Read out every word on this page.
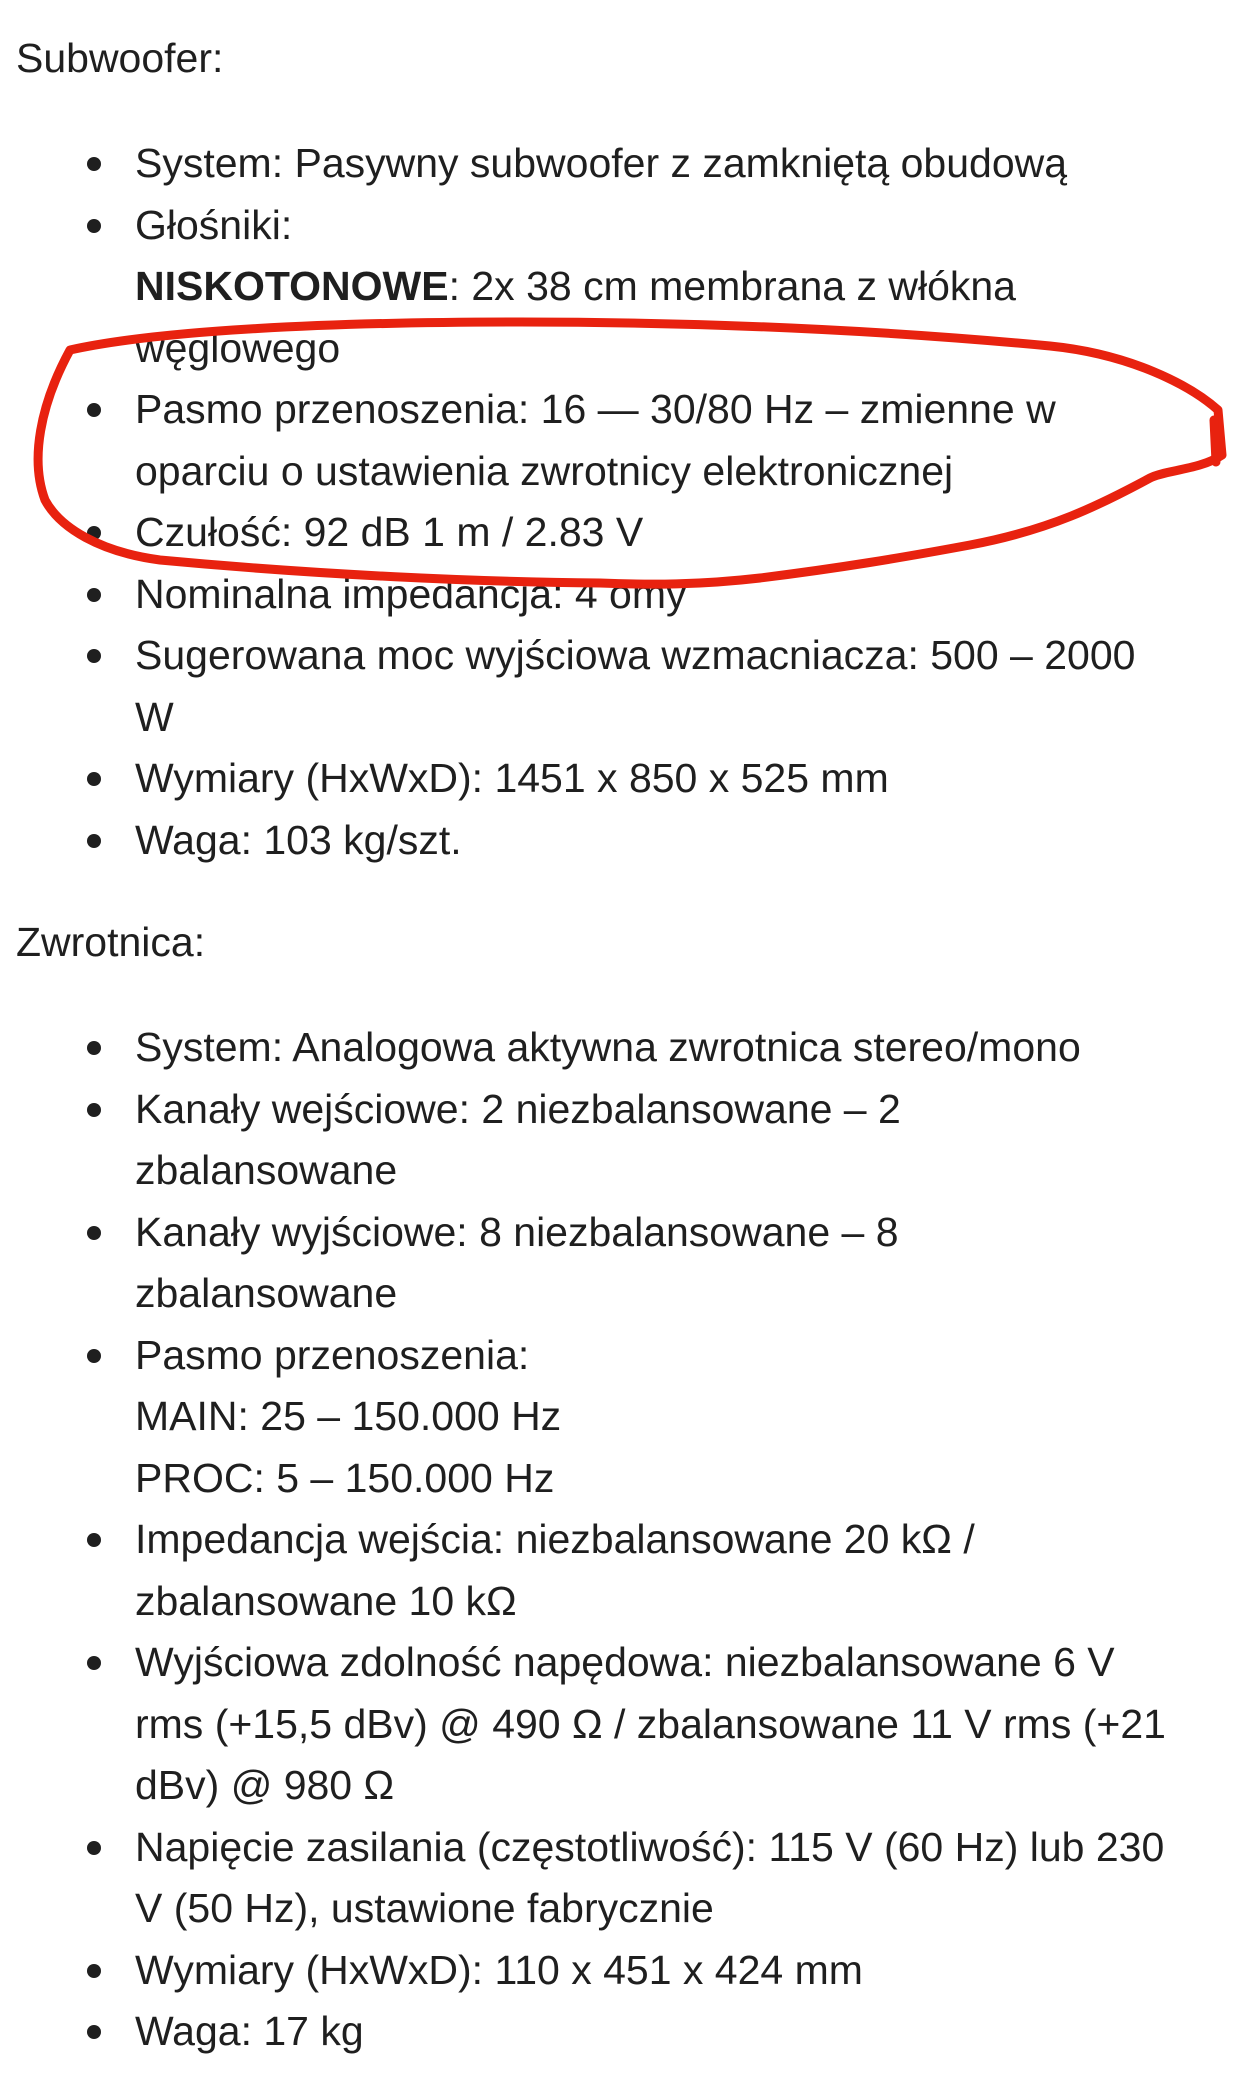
Subwoofer:
System: Pasywny subwoofer z zamkniętą obudową
Głośniki:
NISKOTONOWE: 2x 38 cm membrana z włókna
węglowego
Pasmo przenoszenia: 16 — 30/80 Hz – zmienne w
oparciu o ustawienia zwrotnicy elektronicznej
Czułość: 92 dB 1 m / 2.83 V
Nominalna impedancja: 4 omy
Sugerowana moc wyjściowa wzmacniacza: 500 – 2000
W
Wymiary (HxWxD): 1451 x 850 x 525 mm
Waga: 103 kg/szt.
Zwrotnica:
System: Analogowa aktywna zwrotnica stereo/mono
Kanały wejściowe: 2 niezbalansowane – 2
zbalansowane
Kanały wyjściowe: 8 niezbalansowane – 8
zbalansowane
Pasmo przenoszenia:
MAIN: 25 – 150.000 Hz
PROC: 5 – 150.000 Hz
Impedancja wejścia: niezbalansowane 20 kΩ /
zbalansowane 10 kΩ
Wyjściowa zdolność napędowa: niezbalansowane 6 V
rms (+15,5 dBv) @ 490 Ω / zbalansowane 11 V rms (+21
dBv) @ 980 Ω
Napięcie zasilania (częstotliwość): 115 V (60 Hz) lub 230
V (50 Hz), ustawione fabrycznie
Wymiary (HxWxD): 110 x 451 x 424 mm
Waga: 17 kg
